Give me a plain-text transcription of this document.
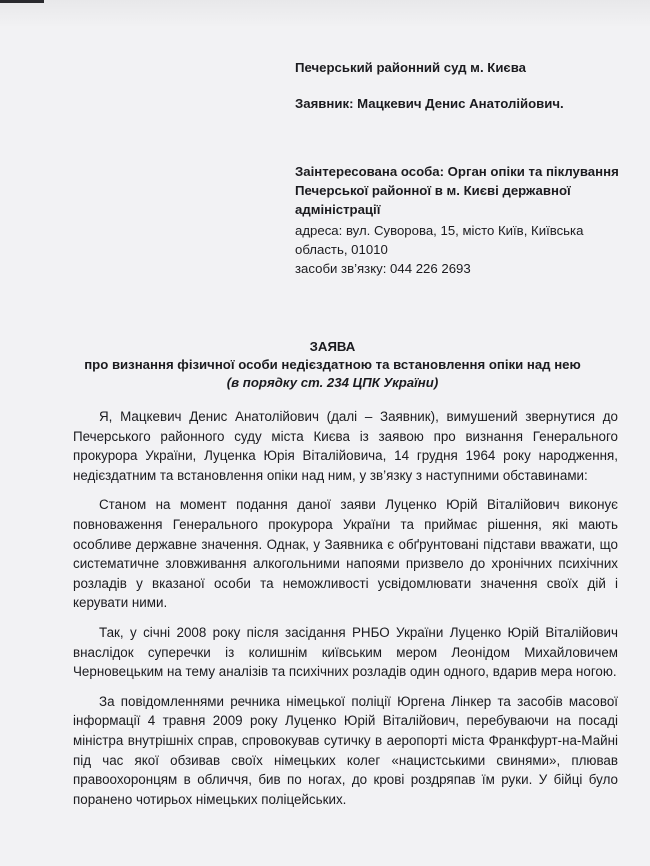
Печерський районний суд м. Києва
Заявник: Мацкевич Денис Анатолійович.
Заінтересована особа: Орган опіки та піклування Печерської районної в м. Києві державної адміністрації
адреса: вул. Суворова, 15, місто Київ, Київська область, 01010
засоби зв’язку: 044 226 2693
ЗАЯВА
про визнання фізичної особи недієздатною та встановлення опіки над нею
(в порядку ст. 234 ЦПК України)

Я, Мацкевич Денис Анатолійович (далі – Заявник), вимушений звернутися до Печерського районного суду міста Києва із заявою про визнання Генерального прокурора України, Луценка Юрія Віталійовича, 14 грудня 1964 року народження, недієздатним та встановлення опіки над ним, у зв’язку з наступними обставинами:

Станом на момент подання даної заяви Луценко Юрій Віталійович виконує повноваження Генерального прокурора України та приймає рішення, які мають особливе державне значення. Однак, у Заявника є обґрунтовані підстави вважати, що систематичне зловживання алкогольними напоями призвело до хронічних психічних розладів у вказаної особи та неможливості усвідомлювати значення своїх дій і керувати ними.

Так, у січні 2008 року після засідання РНБО України Луценко Юрій Віталійович внаслідок суперечки із колишнім київським мером Леонідом Михайловичем Черновецьким на тему аналізів та психічних розладів один одного, вдарив мера ногою.

За повідомленнями речника німецької поліції Юргена Лінкер та засобів масової інформації 4 травня 2009 року Луценко Юрій Віталійович, перебуваючи на посаді міністра внутрішніх справ, спровокував сутичку в аеропорті міста Франкфурт-на-Майні під час якої обзивав своїх німецьких колег «нацистськими свинями», плював правоохоронцям в обличчя, бив по ногах, до крові роздряпав їм руки. У бійці було поранено чотирьох німецьких поліцейських.
